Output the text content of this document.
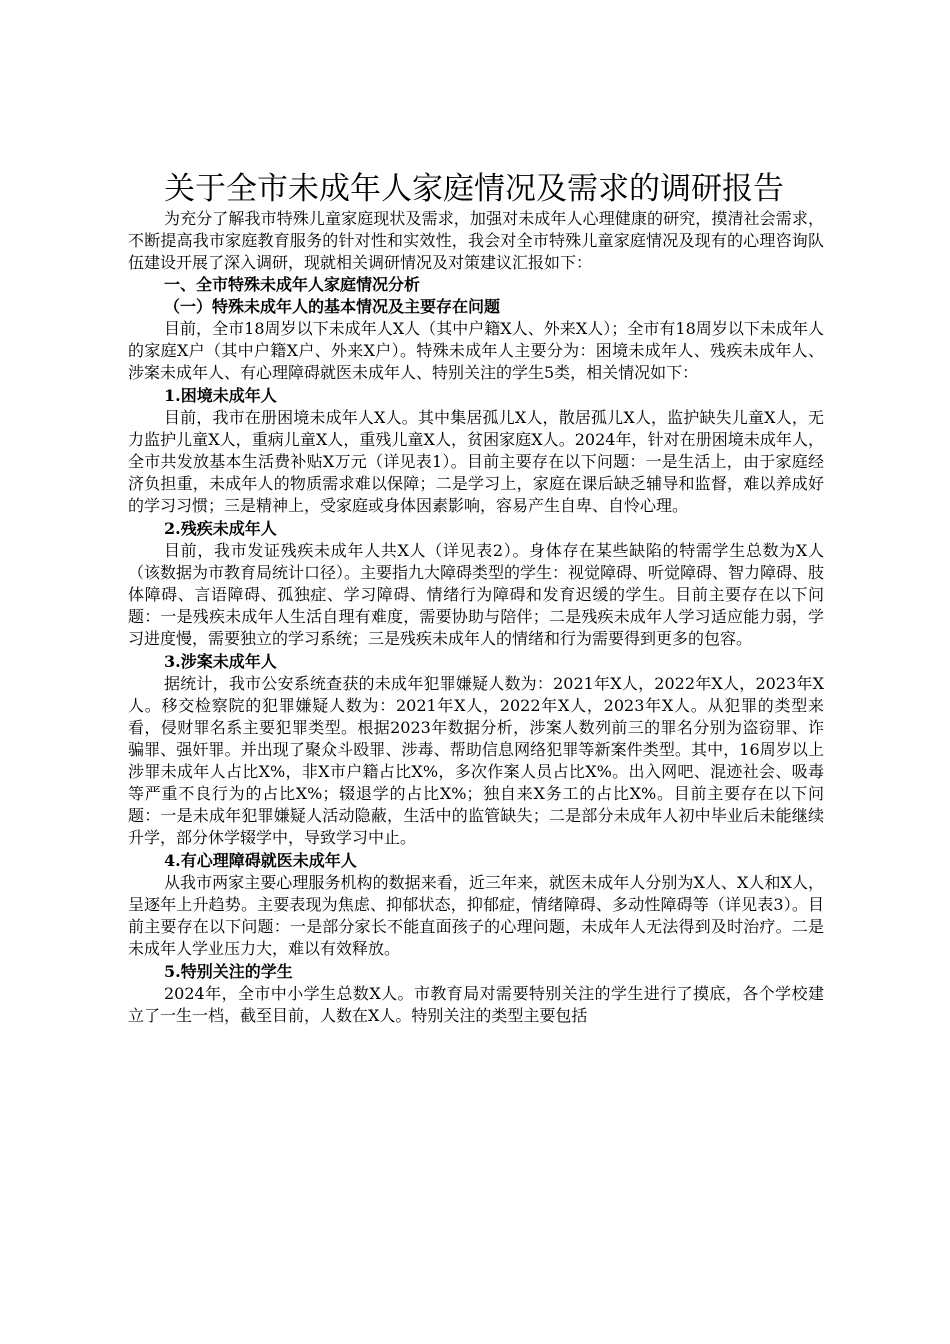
关于全市未成年人家庭情况及需求的调研报告

为充分了解我市特殊儿童家庭现状及需求，加强对未成年人心理健康的研究，摸清社会需求，不断提高我市家庭教育服务的针对性和实效性，我会对全市特殊儿童家庭情况及现有的心理咨询队伍建设开展了深入调研，现就相关调研情况及对策建议汇报如下：

一、全市特殊未成年人家庭情况分析
（一）特殊未成年人的基本情况及主要存在问题

目前，全市18周岁以下未成年人X人（其中户籍X人、外来X人）；全市有18周岁以下未成年人的家庭X户（其中户籍X户、外来X户）。特殊未成年人主要分为：困境未成年人、残疾未成年人、涉案未成年人、有心理障碍就医未成年人、特别关注的学生5类，相关情况如下：

1.困境未成年人

目前，我市在册困境未成年人X人。其中集居孤儿X人，散居孤儿X人，监护缺失儿童X人，无力监护儿童X人，重病儿童X人，重残儿童X人，贫困家庭X人。2024年，针对在册困境未成年人，全市共发放基本生活费补贴X万元（详见表1）。目前主要存在以下问题：一是生活上，由于家庭经济负担重，未成年人的物质需求难以保障；二是学习上，家庭在课后缺乏辅导和监督，难以养成好的学习习惯；三是精神上，受家庭或身体因素影响，容易产生自卑、自怜心理。

2.残疾未成年人

目前，我市发证残疾未成年人共X人（详见表2）。身体存在某些缺陷的特需学生总数为X人（该数据为市教育局统计口径）。主要指九大障碍类型的学生：视觉障碍、听觉障碍、智力障碍、肢体障碍、言语障碍、孤独症、学习障碍、情绪行为障碍和发育迟缓的学生。目前主要存在以下问题：一是残疾未成年人生活自理有难度，需要协助与陪伴；二是残疾未成年人学习适应能力弱，学习进度慢，需要独立的学习系统；三是残疾未成年人的情绪和行为需要得到更多的包容。

3.涉案未成年人

据统计，我市公安系统查获的未成年犯罪嫌疑人数为：2021年X人，2022年X人，2023年X人。移交检察院的犯罪嫌疑人数为：2021年X人，2022年X人，2023年X人。从犯罪的类型来看，侵财罪名系主要犯罪类型。根据2023年数据分析，涉案人数列前三的罪名分别为盗窃罪、诈骗罪、强奸罪。并出现了聚众斗殴罪、涉毒、帮助信息网络犯罪等新案件类型。其中，16周岁以上涉罪未成年人占比X%，非X市户籍占比X%，多次作案人员占比X%。出入网吧、混迹社会、吸毒等严重不良行为的占比X%；辍退学的占比X%；独自来X务工的占比X%。目前主要存在以下问题：一是未成年犯罪嫌疑人活动隐蔽，生活中的监管缺失；二是部分未成年人初中毕业后未能继续升学，部分休学辍学中，导致学习中止。

4.有心理障碍就医未成年人

从我市两家主要心理服务机构的数据来看，近三年来，就医未成年人分别为X人、X人和X人，呈逐年上升趋势。主要表现为焦虑、抑郁状态，抑郁症，情绪障碍、多动性障碍等（详见表3）。目前主要存在以下问题：一是部分家长不能直面孩子的心理问题，未成年人无法得到及时治疗。二是未成年人学业压力大，难以有效释放。

5.特别关注的学生

2024年，全市中小学生总数X人。市教育局对需要特别关注的学生进行了摸底，各个学校建立了一生一档，截至目前，人数在X人。特别关注的类型主要包括
